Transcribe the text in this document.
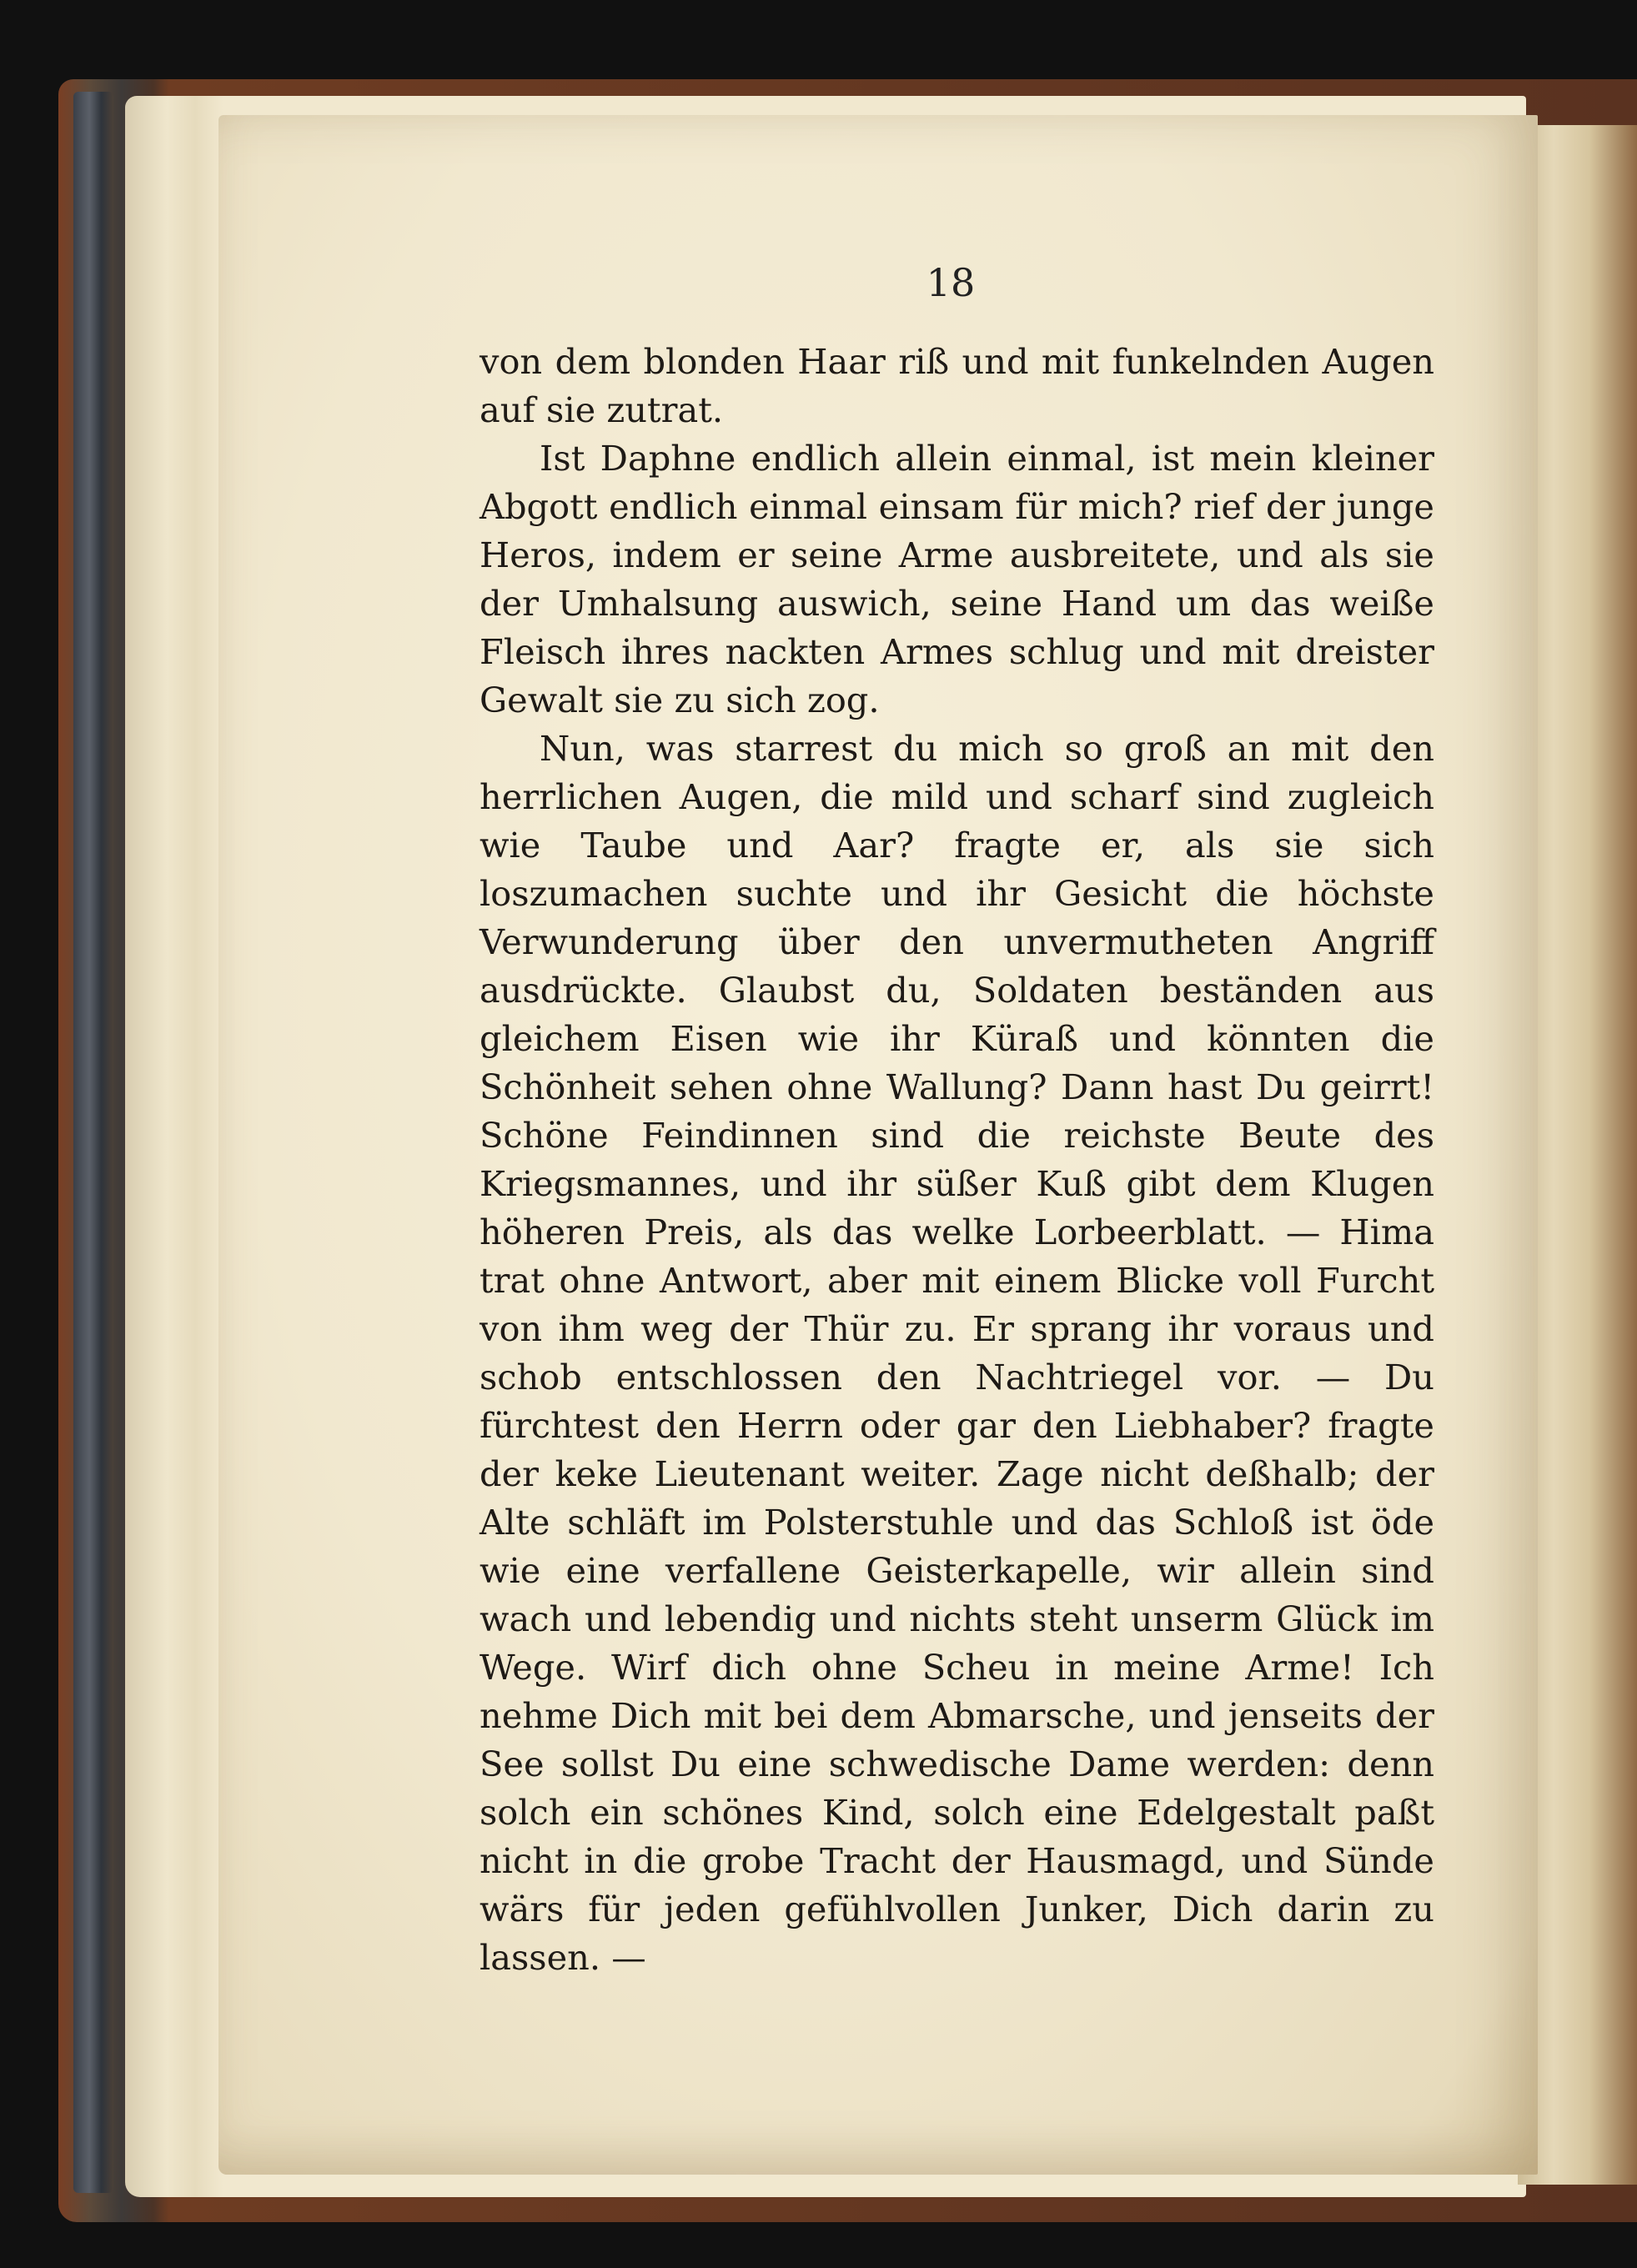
18

von dem blonden Haar riß und mit funkelnden Augen auf sie zutrat.

Ist Daphne endlich allein einmal, ist mein kleiner Abgott endlich einmal einsam für mich? rief der junge Heros, indem er seine Arme ausbreitete, und als sie der Umhalsung auswich, seine Hand um das weiße Fleisch ihres nackten Armes schlug und mit dreister Gewalt sie zu sich zog.

Nun, was starrest du mich so groß an mit den herrlichen Augen, die mild und scharf sind zugleich wie Taube und Aar? fragte er, als sie sich loszumachen suchte und ihr Gesicht die höchste Verwunderung über den unvermutheten Angriff ausdrückte. Glaubst du, Soldaten beständen aus gleichem Eisen wie ihr Küraß und könnten die Schönheit sehen ohne Wallung? Dann hast Du geirrt! Schöne Feindinnen sind die reichste Beute des Kriegsmannes, und ihr süßer Kuß gibt dem Klugen höheren Preis, als das welke Lorbeerblatt. — Hima trat ohne Antwort, aber mit einem Blicke voll Furcht von ihm weg der Thür zu. Er sprang ihr voraus und schob entschlossen den Nachtriegel vor. — Du fürchtest den Herrn oder gar den Liebhaber? fragte der keke Lieutenant weiter. Zage nicht deßhalb; der Alte schläft im Polsterstuhle und das Schloß ist öde wie eine verfallene Geisterkapelle, wir allein sind wach und lebendig und nichts steht unserm Glück im Wege. Wirf dich ohne Scheu in meine Arme! Ich nehme Dich mit bei dem Abmarsche, und jenseits der See sollst Du eine schwedische Dame werden: denn solch ein schönes Kind, solch eine Edelgestalt paßt nicht in die grobe Tracht der Hausmagd, und Sünde wärs für jeden gefühlvollen Junker, Dich darin zu lassen. —
